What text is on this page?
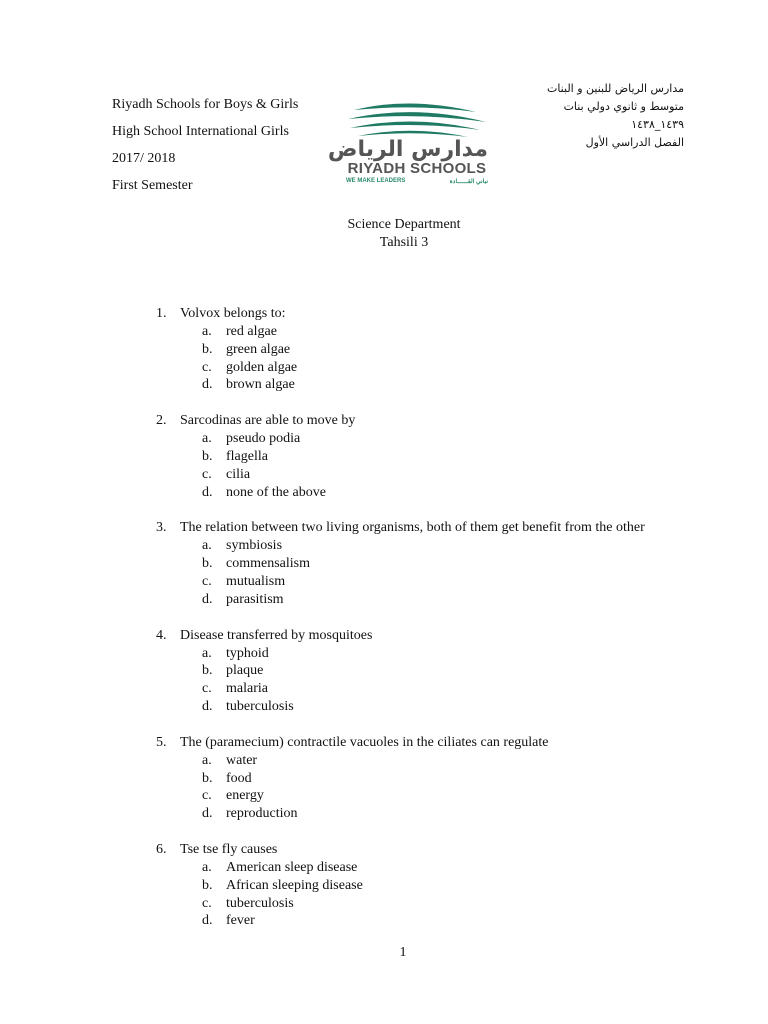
Riyadh Schools for Boys & Girls
High School International Girls
2017/ 2018
First Semester
مدارس الرياض
RIYADH SCHOOLS
WE MAKE LEADERS	نباني القــــــادة
مدارس الرياض للبنين و البنات
متوسط و ثانوي دولي بنات
١٤٣٩_١٤٣٨
الفصل الدراسي الأول
Science Department
Tahsili 3
1. Volvox belongs to:
a.	red algae
b. green algae
c.	golden algae
d. brown algae
2. Sarcodinas are able to move by
a.	pseudo podia
b. flagella
c.	cilia
d. none of the above
3. The relation between two living organisms, both of them get benefit from the other
a.	symbiosis
b. commensalism
c.	mutualism
d. parasitism
4. Disease transferred by mosquitoes
a.	typhoid
b. plaque
c.	malaria
d. tuberculosis
5. The (paramecium) contractile vacuoles in the ciliates can regulate
a.	water
b. food
c.	energy
d. reproduction
6. Tse tse fly causes
a.	American sleep disease
b. African sleeping disease
c.	tuberculosis
d. fever
1
